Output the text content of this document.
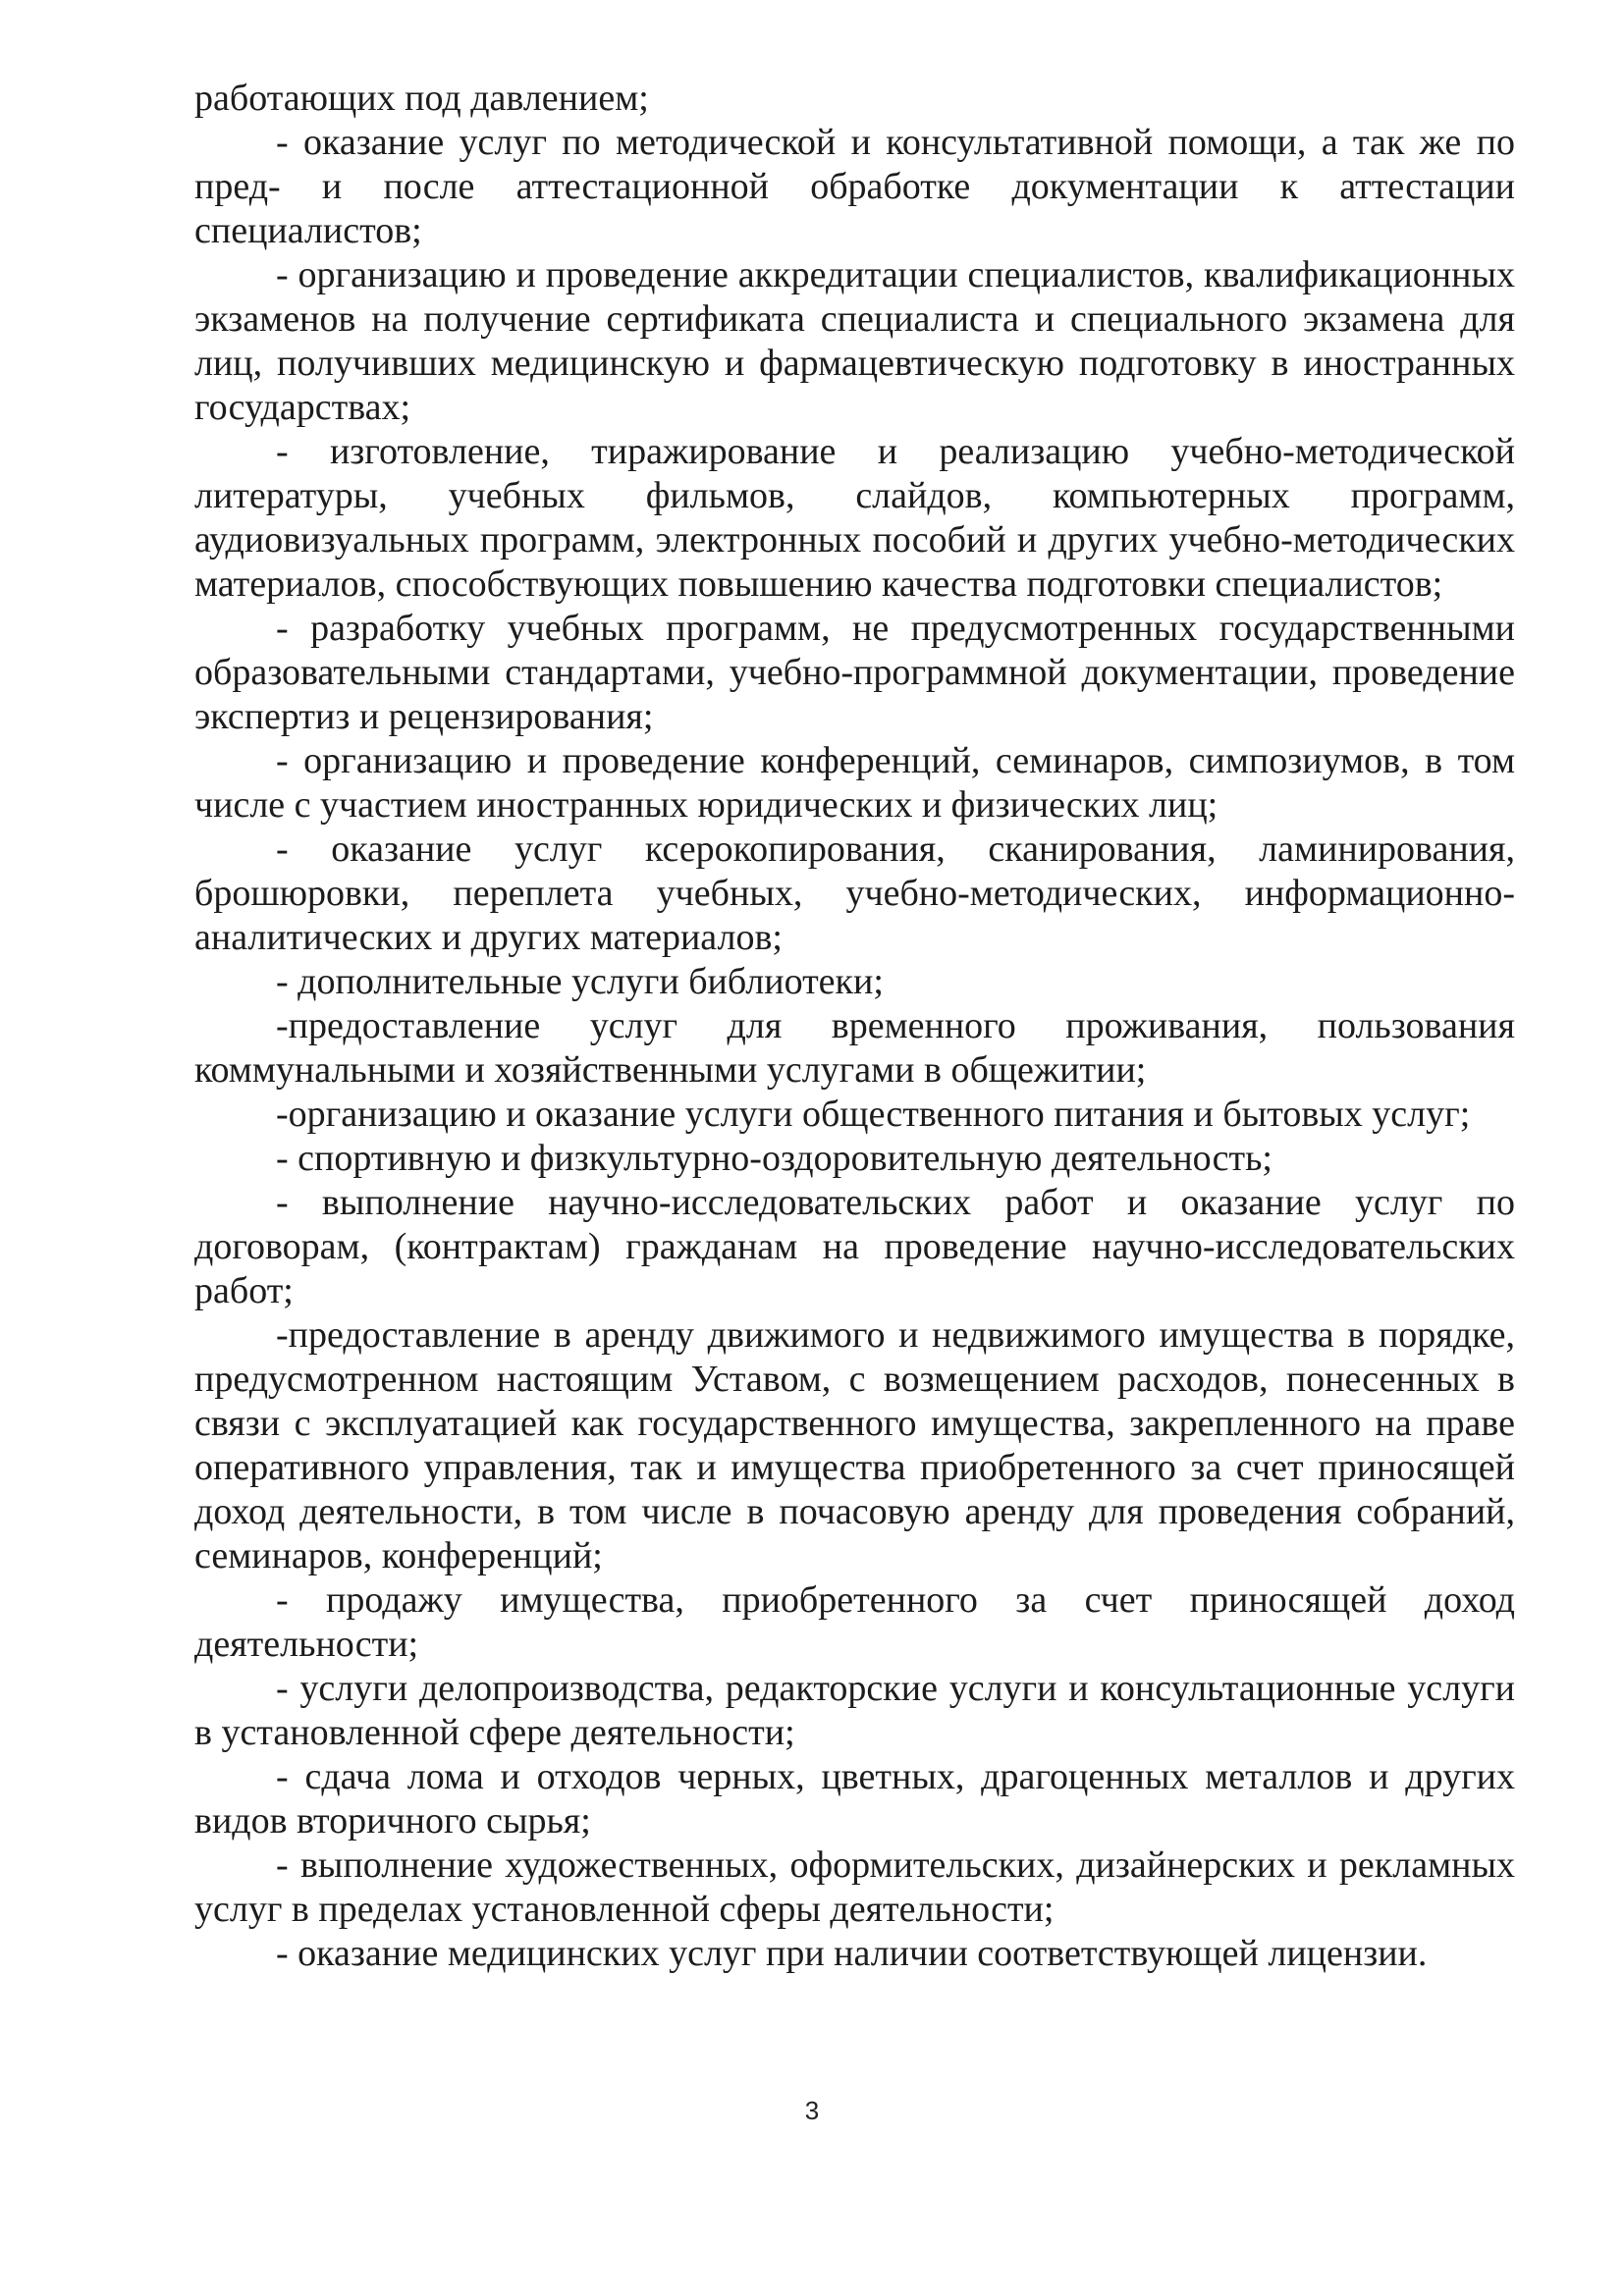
работающих под давлением;

- оказание услуг по методической и консультативной помощи, а так же по пред- и после аттестационной обработке документации к аттестации специалистов;

- организацию и проведение аккредитации специалистов, квалификационных экзаменов на получение сертификата специалиста и специального экзамена для лиц, получивших медицинскую и фармацевтическую подготовку в иностранных государствах;

- изготовление, тиражирование и реализацию учебно-методической литературы, учебных фильмов, слайдов, компьютерных программ, аудиовизуальных программ, электронных пособий и других учебно-методических материалов, способствующих повышению качества подготовки специалистов;

- разработку учебных программ, не предусмотренных государственными образовательными стандартами, учебно-программной документации, проведение экспертиз и рецензирования;

- организацию и проведение конференций, семинаров, симпозиумов, в том числе с участием иностранных юридических и физических лиц;

- оказание услуг ксерокопирования, сканирования, ламинирования, брошюровки, переплета учебных, учебно-методических, информационно-аналитических и других материалов;

- дополнительные услуги библиотеки;

-предоставление услуг для временного проживания, пользования коммунальными и хозяйственными услугами в общежитии;

-организацию и оказание услуги общественного питания и бытовых услуг;

- спортивную и физкультурно-оздоровительную деятельность;

- выполнение научно-исследовательских работ и оказание услуг по договорам, (контрактам) гражданам на проведение научно-исследовательских работ;

-предоставление в аренду движимого и недвижимого имущества в порядке, предусмотренном настоящим Уставом, с возмещением расходов, понесенных в связи с эксплуатацией как государственного имущества, закрепленного на праве оперативного управления, так и имущества приобретенного за счет приносящей доход деятельности, в том числе в почасовую аренду для проведения собраний, семинаров, конференций;

- продажу имущества, приобретенного за счет приносящей доход деятельности;

- услуги делопроизводства, редакторские услуги и консультационные услуги в установленной сфере деятельности;

- сдача лома и отходов черных, цветных, драгоценных металлов и других видов вторичного сырья;

- выполнение художественных, оформительских, дизайнерских и рекламных услуг в пределах установленной сферы деятельности;

- оказание медицинских услуг при наличии соответствующей лицензии.

3
